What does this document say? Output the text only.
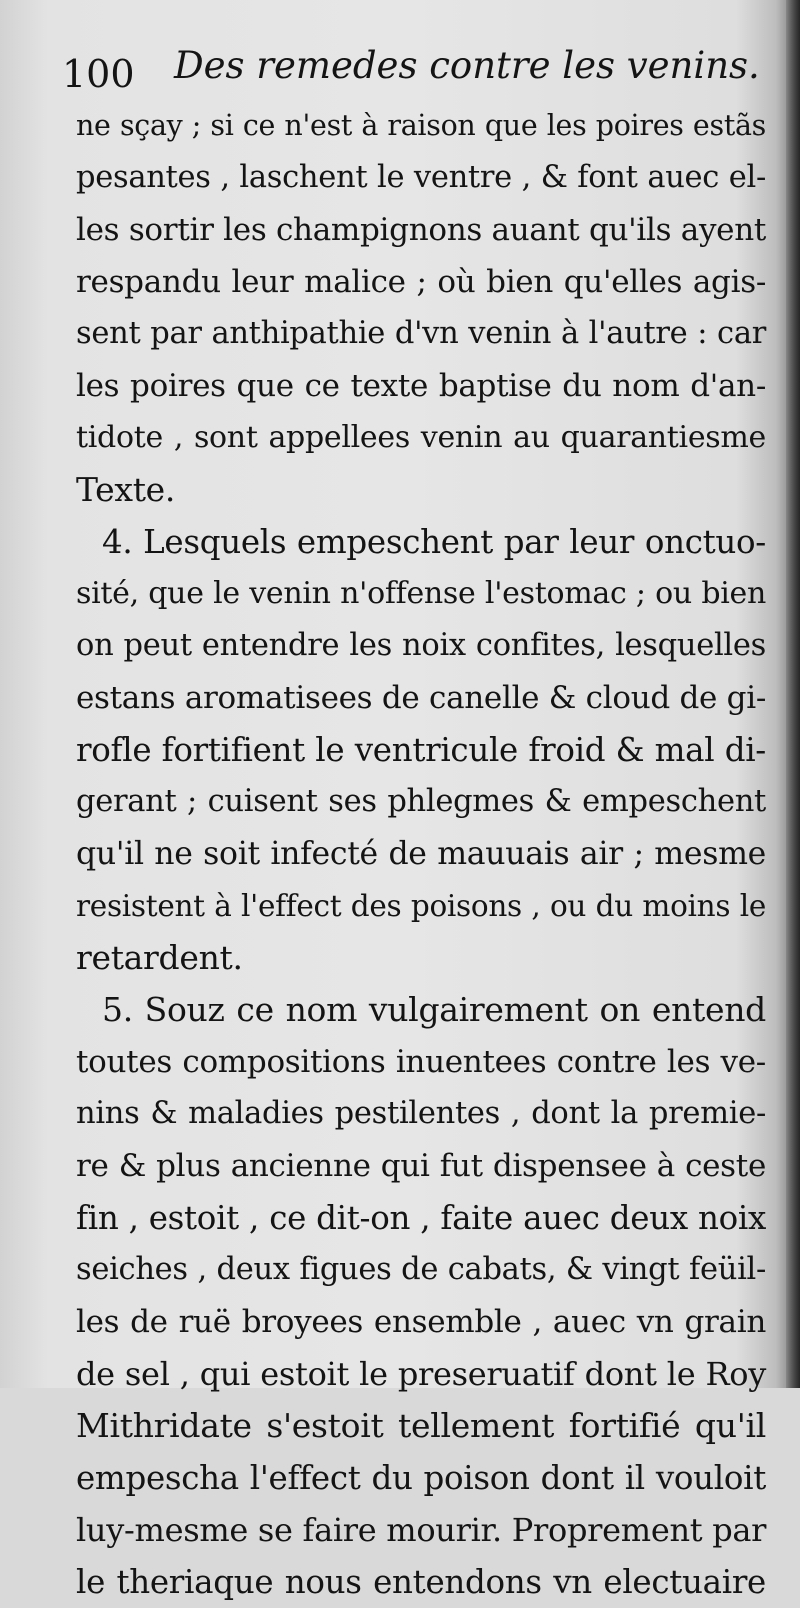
100 Des remedes contre les venins.
ne sçay ; si ce n'est à raison que les poires estãs
pesantes , laschent le ventre , & font auec el-
les sortir les champignons auant qu'ils ayent
respandu leur malice ; où bien qu'elles agis-
sent par anthipathie d'vn venin à l'autre : car
les poires que ce texte baptise du nom d'an-
tidote , sont appellees venin au quarantiesme
Texte.
4. Lesquels empeschent par leur onctuo-
sité, que le venin n'offense l'estomac ; ou bien
on peut entendre les noix confites, lesquelles
estans aromatisees de canelle & cloud de gi-
rofle fortifient le ventricule froid & mal di-
gerant ; cuisent ses phlegmes & empeschent
qu'il ne soit infecté de mauuais air ; mesme
resistent à l'effect des poisons , ou du moins le
retardent.
5. Souz ce nom vulgairement on entend
toutes compositions inuentees contre les ve-
nins & maladies pestilentes , dont la premie-
re & plus ancienne qui fut dispensee à ceste
fin , estoit , ce dit-on , faite auec deux noix
seiches , deux figues de cabats, & vingt feüil-
les de ruë broyees ensemble , auec vn grain
de sel , qui estoit le preseruatif dont le Roy
Mithridate s'estoit tellement fortifié qu'il
empescha l'effect du poison dont il vouloit
luy-mesme se faire mourir. Proprement par
le theriaque nous entendons vn electuaire
